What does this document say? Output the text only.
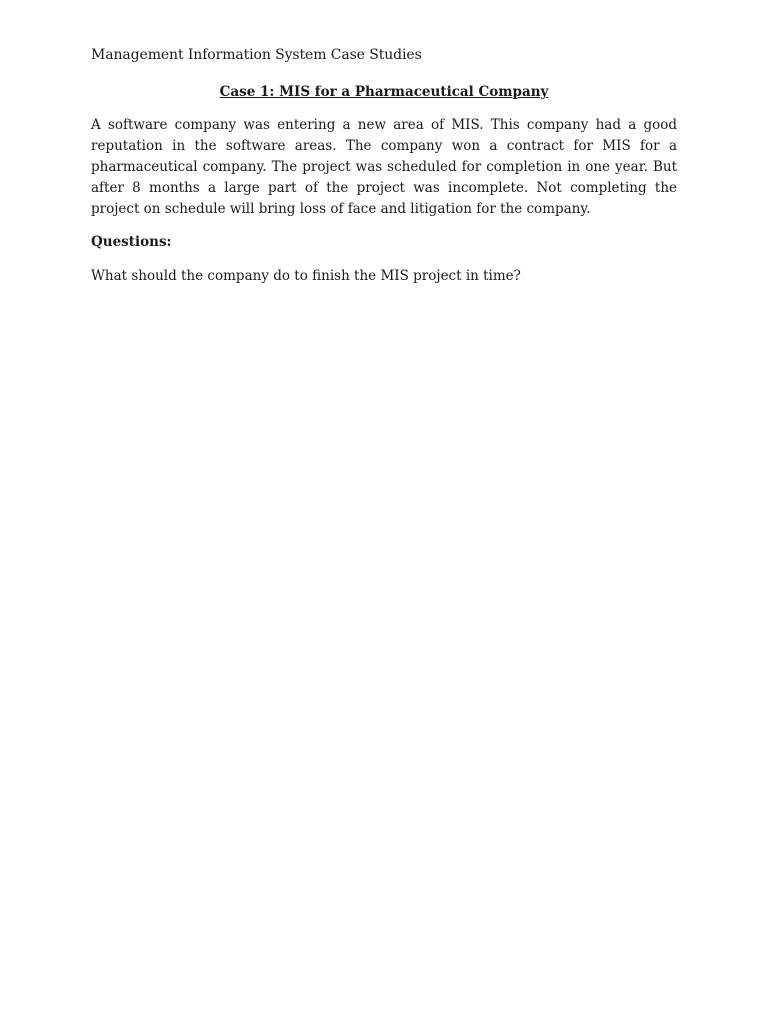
Management Information System Case Studies
Case 1: MIS for a Pharmaceutical Company

A software company was entering a new area of MIS. This company had a good reputation in the software areas. The company won a contract for MIS for a pharmaceutical company. The project was scheduled for completion in one year. But after 8 months a large part of the project was incomplete. Not completing the project on schedule will bring loss of face and litigation for the company.

Questions:

What should the company do to finish the MIS project in time?
